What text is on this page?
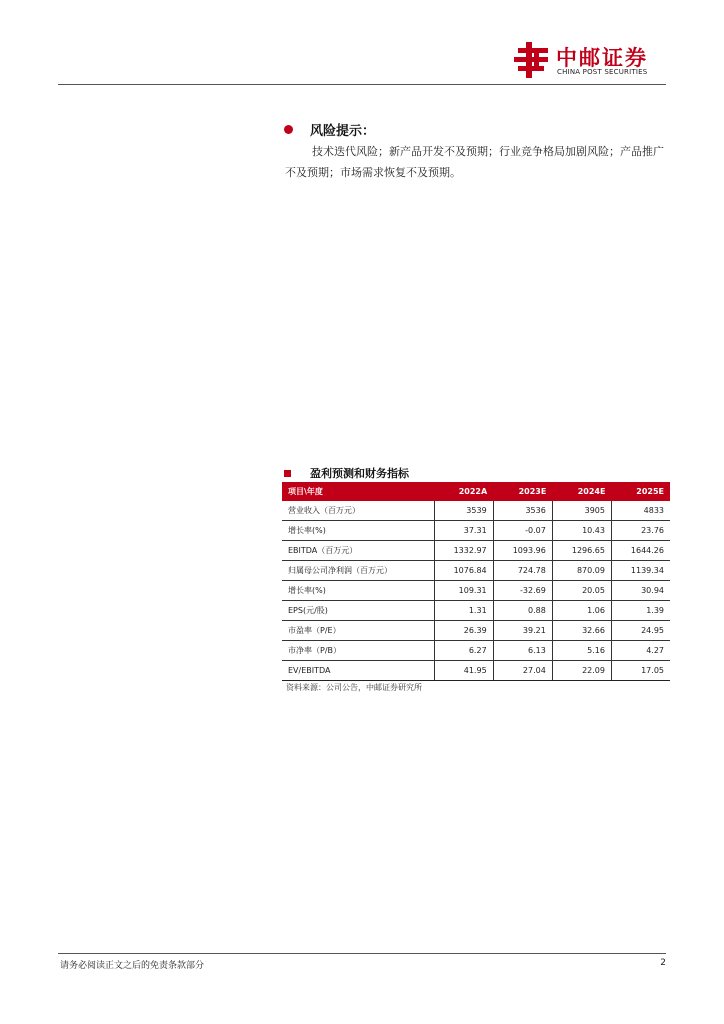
中邮证券
CHINA POST SECURITIES
风险提示：
技术迭代风险；新产品开发不及预期；行业竞争格局加剧风险；产品推广不及预期；市场需求恢复不及预期。
盈利预测和财务指标
项目\年度	2022A	2023E	2024E	2025E
营业收入（百万元）	3539	3536	3905	4833
增长率(%)	37.31	-0.07	10.43	23.76
EBITDA（百万元）	1332.97	1093.96	1296.65	1644.26
归属母公司净利润（百万元）	1076.84	724.78	870.09	1139.34
增长率(%)	109.31	-32.69	20.05	30.94
EPS(元/股)	1.31	0.88	1.06	1.39
市盈率（P/E）	26.39	39.21	32.66	24.95
市净率（P/B）	6.27	6.13	5.16	4.27
EV/EBITDA	41.95	27.04	22.09	17.05
资料来源：公司公告，中邮证券研究所
请务必阅读正文之后的免责条款部分	2
